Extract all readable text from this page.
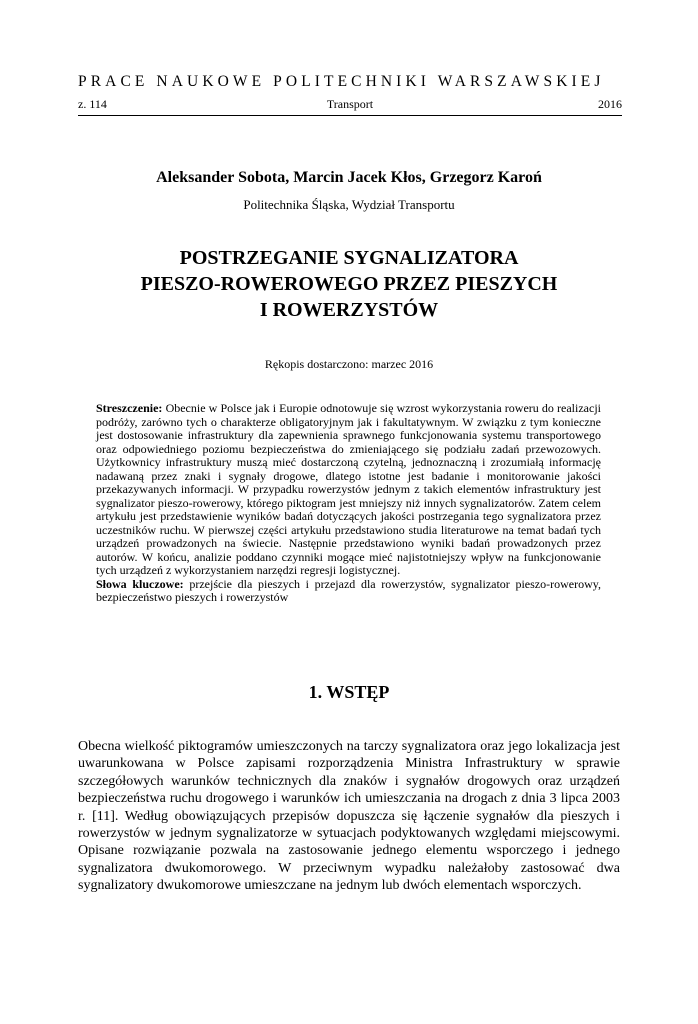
PRACE NAUKOWE POLITECHNIKI WARSZAWSKIEJ
z. 114	Transport	2016
Aleksander Sobota, Marcin Jacek Kłos, Grzegorz Karoń
Politechnika Śląska, Wydział Transportu
POSTRZEGANIE SYGNALIZATORA
PIESZO-ROWEROWEGO PRZEZ PIESZYCH
I ROWERZYSTÓW
Rękopis dostarczono: marzec 2016

Streszczenie: Obecnie w Polsce jak i Europie odnotowuje się wzrost wykorzystania roweru do realizacji podróży, zarówno tych o charakterze obligatoryjnym jak i fakultatywnym. W związku z tym konieczne jest dostosowanie infrastruktury dla zapewnienia sprawnego funkcjonowania systemu transportowego oraz odpowiedniego poziomu bezpieczeństwa do zmieniającego się podziału zadań przewozowych. Użytkownicy infrastruktury muszą mieć dostarczoną czytelną, jednoznaczną i zrozumiałą informację nadawaną przez znaki i sygnały drogowe, dlatego istotne jest badanie i monitorowanie jakości przekazywanych informacji. W przypadku rowerzystów jednym z takich elementów infrastruktury jest sygnalizator pieszo-rowerowy, którego piktogram jest mniejszy niż innych sygnalizatorów. Zatem celem artykułu jest przedstawienie wyników badań dotyczących jakości postrzegania tego sygnalizatora przez uczestników ruchu. W pierwszej części artykułu przedstawiono studia literaturowe na temat badań tych urządzeń prowadzonych na świecie. Następnie przedstawiono wyniki badań prowadzonych przez autorów. W końcu, analizie poddano czynniki mogące mieć najistotniejszy wpływ na funkcjonowanie tych urządzeń z wykorzystaniem narzędzi regresji logistycznej.

Słowa kluczowe: przejście dla pieszych i przejazd dla rowerzystów, sygnalizator pieszo-rowerowy, bezpieczeństwo pieszych i rowerzystów

1. WSTĘP

Obecna wielkość piktogramów umieszczonych na tarczy sygnalizatora oraz jego lokalizacja jest uwarunkowana w Polsce zapisami rozporządzenia Ministra Infrastruktury w sprawie szczegółowych warunków technicznych dla znaków i sygnałów drogowych oraz urządzeń bezpieczeństwa ruchu drogowego i warunków ich umieszczania na drogach z dnia 3 lipca 2003 r. [11]. Według obowiązujących przepisów dopuszcza się łączenie sygnałów dla pieszych i rowerzystów w jednym sygnalizatorze w sytuacjach podyktowanych względami miejscowymi. Opisane rozwiązanie pozwala na zastosowanie jednego elementu wsporczego i jednego sygnalizatora dwukomorowego. W przeciwnym wypadku należałoby zastosować dwa sygnalizatory dwukomorowe umieszczane na jednym lub dwóch elementach wsporczych.
